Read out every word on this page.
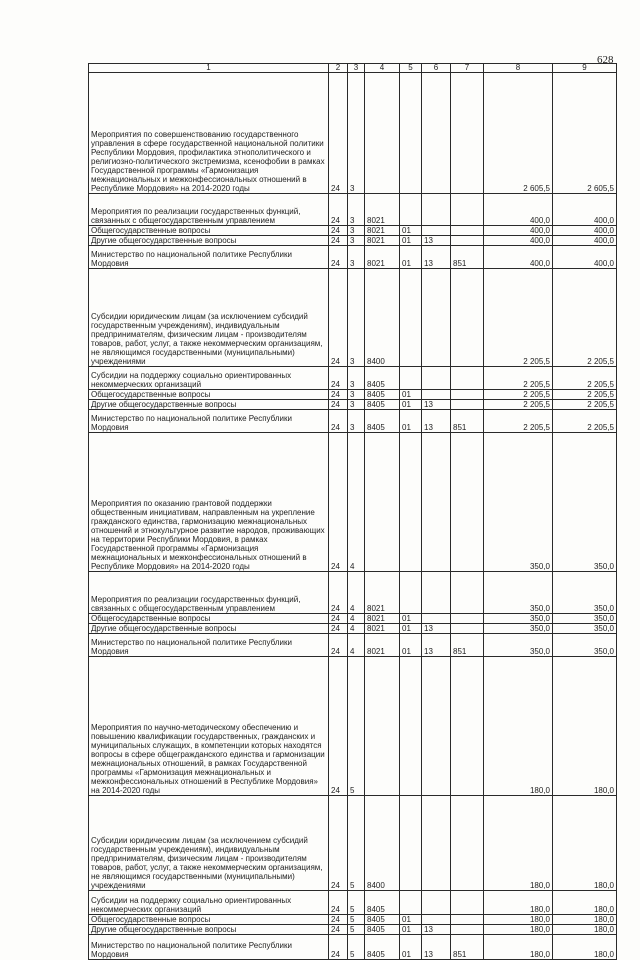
628
1	2	3	4	5	6	7	8	9
Мероприятия по совершенствованию государственного управления в сфере государственной национальной политики Республики Мордовия, профилактика этнополитического и религиозно-политического экстремизма, ксенофобии в рамках Государственной программы «Гармонизация межнациональных и межконфессиональных отношений в Республике Мордовия» на 2014-2020 годы	24	3					2 605,5	2 605,5
Мероприятия по реализации государственных функций, связанных с общегосударственным управлением	24	3	8021				400,0	400,0
Общегосударственные вопросы	24	3	8021	01			400,0	400,0
Другие общегосударственные вопросы	24	3	8021	01	13		400,0	400,0
Министерство по национальной политике Республики Мордовия	24	3	8021	01	13	851	400,0	400,0
Субсидии юридическим лицам (за исключением субсидий государственным учреждениям), индивидуальным предпринимателям, физическим лицам - производителям товаров, работ, услуг, а также некоммерческим организациям, не являющимся государственными (муниципальными) учреждениями	24	3	8400				2 205,5	2 205,5
Субсидии на поддержку социально ориентированных некоммерческих организаций	24	3	8405				2 205,5	2 205,5
Общегосударственные вопросы	24	3	8405	01			2 205,5	2 205,5
Другие общегосударственные вопросы	24	3	8405	01	13		2 205,5	2 205,5
Министерство по национальной политике Республики Мордовия	24	3	8405	01	13	851	2 205,5	2 205,5
Мероприятия по оказанию грантовой поддержки общественным инициативам, направленным на укрепление гражданского единства, гармонизацию межнациональных отношений и этнокультурное развитие народов, проживающих на территории Республики Мордовия, в рамках Государственной программы «Гармонизация межнациональных и межконфессиональных отношений в Республике Мордовия» на 2014-2020 годы	24	4					350,0	350,0
Мероприятия по реализации государственных функций, связанных с общегосударственным управлением	24	4	8021				350,0	350,0
Общегосударственные вопросы	24	4	8021	01			350,0	350,0
Другие общегосударственные вопросы	24	4	8021	01	13		350,0	350,0
Министерство по национальной политике Республики Мордовия	24	4	8021	01	13	851	350,0	350,0
Мероприятия по научно-методическому обеспечению и повышению квалификации государственных, гражданских и муниципальных служащих, в компетенции которых находятся вопросы в сфере общегражданского единства и гармонизации межнациональных отношений, в рамках Государственной программы «Гармонизация межнациональных и межконфессиональных отношений в Республике Мордовия» на 2014-2020 годы	24	5					180,0	180,0
Субсидии юридическим лицам (за исключением субсидий государственным учреждениям), индивидуальным предпринимателям, физическим лицам - производителям товаров, работ, услуг, а также некоммерческим организациям, не являющимся государственными (муниципальными) учреждениями	24	5	8400				180,0	180,0
Субсидии на поддержку социально ориентированных некоммерческих организаций	24	5	8405				180,0	180,0
Общегосударственные вопросы	24	5	8405	01			180,0	180,0
Другие общегосударственные вопросы	24	5	8405	01	13		180,0	180,0
Министерство по национальной политике Республики Мордовия	24	5	8405	01	13	851	180,0	180,0
